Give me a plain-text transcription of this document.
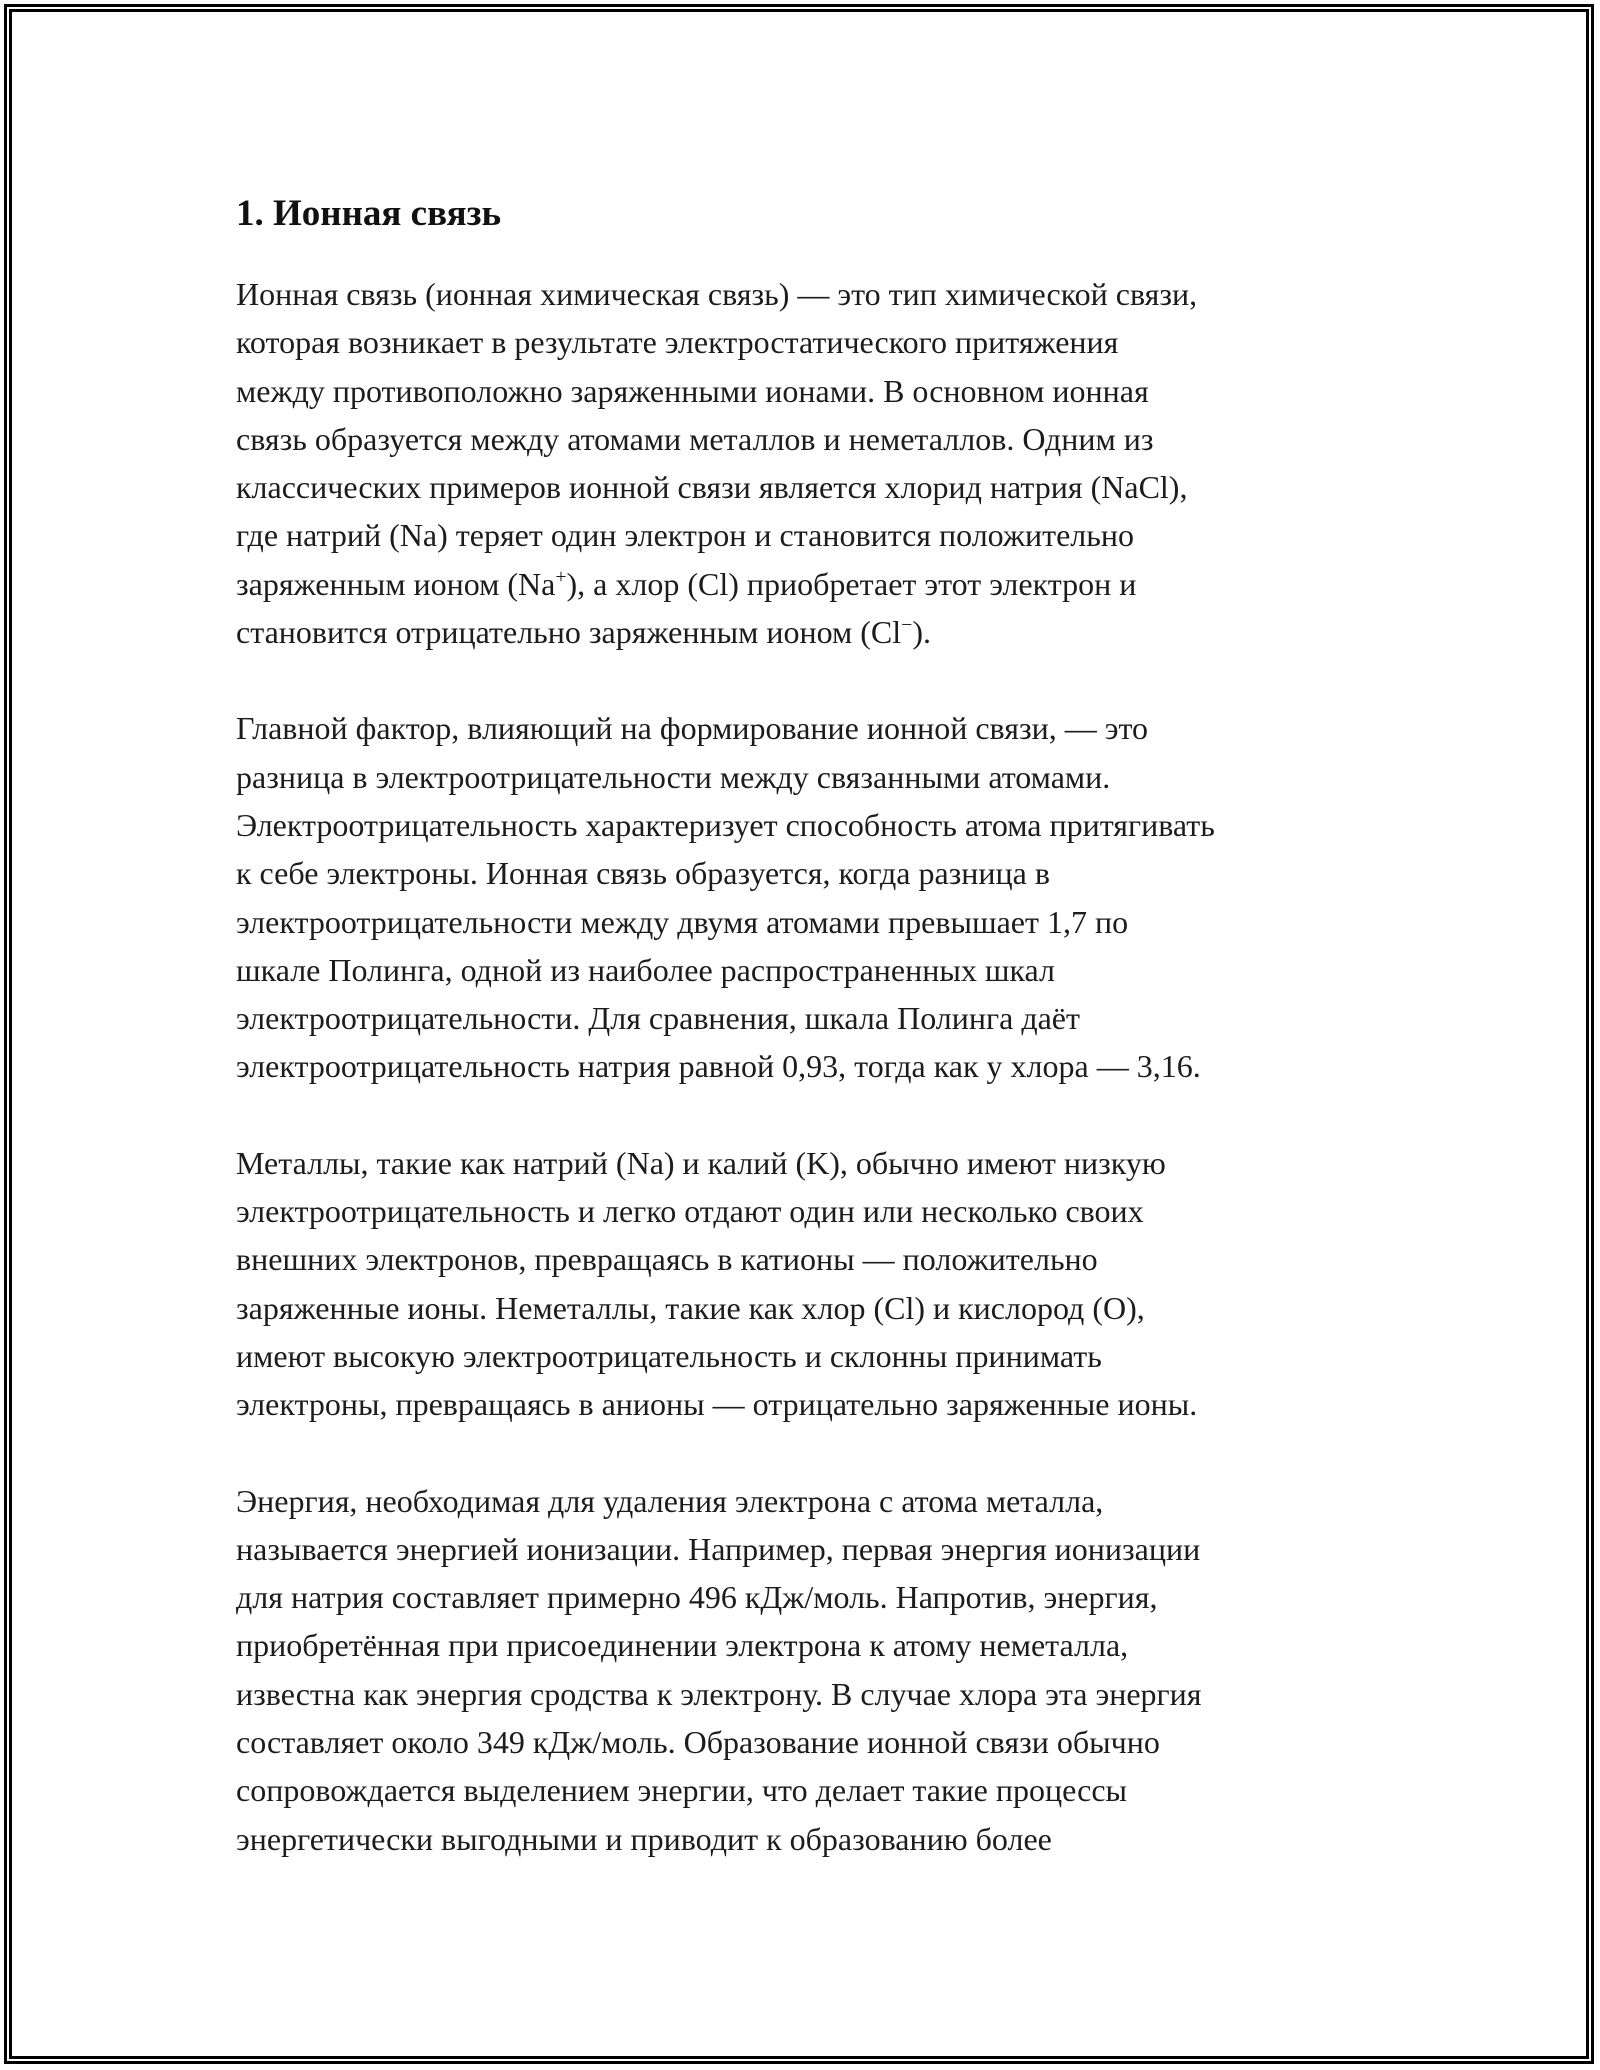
1. Ионная связь

Ионная связь (ионная химическая связь) — это тип химической связи,
которая возникает в результате электростатического притяжения
между противоположно заряженными ионами. В основном ионная
связь образуется между атомами металлов и неметаллов. Одним из
классических примеров ионной связи является хлорид натрия (NaCl),
где натрий (Na) теряет один электрон и становится положительно
заряженным ионом (Na+), а хлор (Cl) приобретает этот электрон и
становится отрицательно заряженным ионом (Cl−).

Главной фактор, влияющий на формирование ионной связи, — это
разница в электроотрицательности между связанными атомами.
Электроотрицательность характеризует способность атома притягивать
к себе электроны. Ионная связь образуется, когда разница в
электроотрицательности между двумя атомами превышает 1,7 по
шкале Полинга, одной из наиболее распространенных шкал
электроотрицательности. Для сравнения, шкала Полинга даёт
электроотрицательность натрия равной 0,93, тогда как у хлора — 3,16.

Металлы, такие как натрий (Na) и калий (K), обычно имеют низкую
электроотрицательность и легко отдают один или несколько своих
внешних электронов, превращаясь в катионы — положительно
заряженные ионы. Неметаллы, такие как хлор (Cl) и кислород (O),
имеют высокую электроотрицательность и склонны принимать
электроны, превращаясь в анионы — отрицательно заряженные ионы.

Энергия, необходимая для удаления электрона с атома металла,
называется энергией ионизации. Например, первая энергия ионизации
для натрия составляет примерно 496 кДж/моль. Напротив, энергия,
приобретённая при присоединении электрона к атому неметалла,
известна как энергия сродства к электрону. В случае хлора эта энергия
составляет около 349 кДж/моль. Образование ионной связи обычно
сопровождается выделением энергии, что делает такие процессы
энергетически выгодными и приводит к образованию более
